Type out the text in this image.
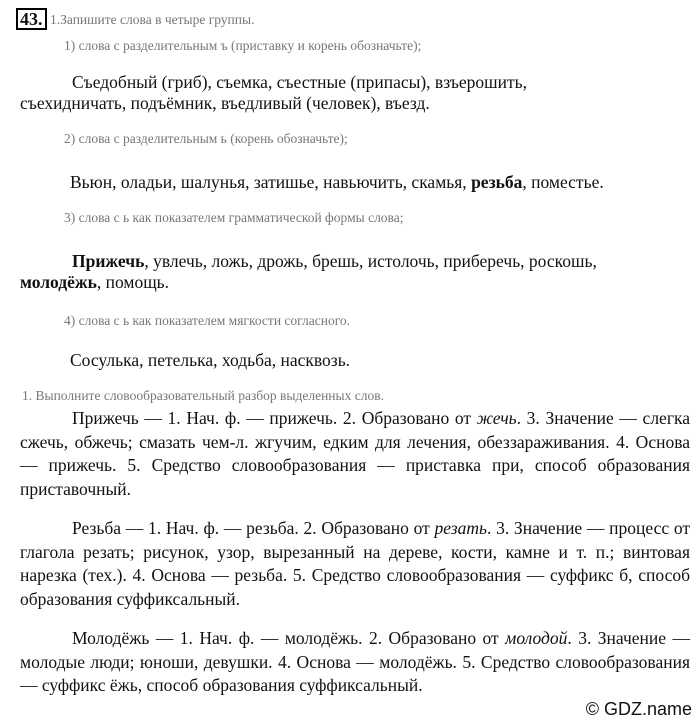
43. 1.Запишите слова в четыре группы.
1) слова с разделительным ъ (приставку и корень обозначьте);
Съедобный (гриб), съемка, съестные (припасы), взъерошить,
съехидничать, подъёмник, въедливый (человек), въезд.
2) слова с разделительным ь (корень обозначьте);
Вьюн, оладьи, шалунья, затишье, навьючить, скамья, резьба, поместье.
3) слова с ь как показателем грамматической формы слова;
Прижечь, увлечь, ложь, дрожь, брешь, истолочь, приберечь, роскошь,
молодёжь, помощь.
4) слова с ь как показателем мягкости согласного.
Сосулька, петелька, ходьба, насквозь.
1. Выполните словообразовательный разбор выделенных слов.
Прижечь — 1. Нач. ф. — прижечь. 2. Образовано от жечь. 3. Значение — слегка сжечь, обжечь; смазать чем-л. жгучим, едким для лечения, обеззараживания. 4. Основа — прижечь. 5. Средство словообразования — приставка при, способ образования приставочный.
Резьба — 1. Нач. ф. — резьба. 2. Образовано от резать. 3. Значение — процесс от глагола резать; рисунок, узор, вырезанный на дереве, кости, камне и т. п.; винтовая нарезка (тех.). 4. Основа — резьба. 5. Средство словообразования — суффикс б, способ образования суффиксальный.
Молодёжь — 1. Нач. ф. — молодёжь. 2. Образовано от молодой. 3. Значение — молодые люди; юноши, девушки. 4. Основа — молодёжь. 5. Средство словообразования — суффикс ёжь, способ образования суффиксальный.
© GDZ.name
